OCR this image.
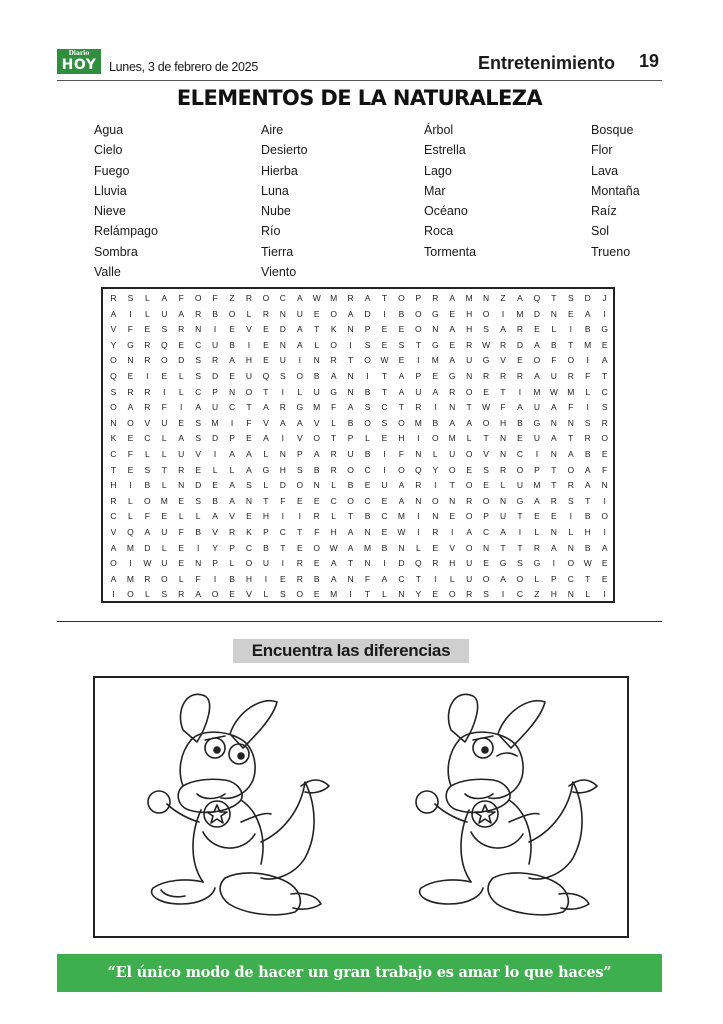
Diario
HOY	Lunes, 3 de febrero de 2025	Entretenimiento 19
ELEMENTOS DE LA NATURALEZA
Agua
Cielo
Fuego
Lluvia
Nieve
Relámpago
Sombra
Valle
Aire
Desierto
Hierba
Luna
Nube
Río
Tierra
Viento
Árbol
Estrella
Lago
Mar
Océano
Roca
Tormenta
Bosque
Flor
Lava
Montaña
Raíz
Sol
Trueno
R	S	L	A	F	O	F	Z	R	O	C	A	W	M	R	A	T	O	P	R	A	M	N	Z	A	Q	T	S	D	J
A	I	L	U	A	R	B	O	L	R	N	U	E	O	A	D	I	B	O	G	E	H	O	I	M	D	N	E	A	I
V	F	E	S	R	N	I	E	V	E	D	A	T	K	N	P	E	E	O	N	A	H	S	A	R	E	L	I	B	G
Y	G	R	Q	E	C	U	B	I	E	N	A	L	O	I	S	E	S	T	G	E	R	W	R	D	A	B	T	M	E
O	N	R	O	D	S	R	A	H	E	U	I	N	R	T	O	W	E	I	M	A	U	G	V	E	O	F	O	I	A
Q	E	I	E	L	S	D	E	U	Q	S	O	B	A	N	I	T	A	P	E	G	N	R	R	R	A	U	R	F	T
S	R	R	I	L	C	P	N	O	T	I	L	U	G	N	B	T	A	U	A	R	O	E	T	I	M	W	M	L	C
O	A	R	F	I	A	U	C	T	A	R	G	M	F	A	S	C	T	R	I	N	T	W	F	A	U	A	F	I	S
N	O	V	U	E	S	M	I	F	V	A	A	V	L	B	O	S	O	M	B	A	A	O	H	B	G	N	N	S	R
K	E	C	L	A	S	D	P	E	A	I	V	O	T	P	L	E	H	I	O	M	L	T	N	E	U	A	T	R	O
C	F	L	L	U	V	I	A	A	L	N	P	A	R	U	B	I	F	N	L	U	O	V	N	C	I	N	A	B	E
T	E	S	T	R	E	L	L	A	G	H	S	B	R	O	C	I	O	Q	Y	O	E	S	R	O	P	T	O	A	F
H	I	B	L	N	D	E	A	S	L	D	O	N	L	B	E	U	A	R	I	T	O	E	L	U	M	T	R	A	N
R	L	O	M	E	S	B	A	N	T	F	E	E	C	O	C	E	A	N	O	N	R	O	N	G	A	R	S	T	I
C	L	F	E	L	L	A	V	E	H	I	I	R	L	T	B	C	M	I	N	E	O	P	U	T	E	E	I	B	O
V	Q	A	U	F	B	V	R	K	P	C	T	F	H	A	N	E	W	I	R	I	A	C	A	I	L	N	L	H	I
A	M	D	L	E	I	Y	P	C	B	T	E	O	W	A	M	B	N	L	E	V	O	N	T	T	R	A	N	B	A
O	I	W	U	E	N	P	L	O	U	I	R	E	A	T	N	I	D	Q	R	H	U	E	G	S	G	I	O	W	E
A	M	R	O	L	F	I	B	H	I	E	R	B	A	N	F	A	C	T	I	L	U	O	A	O	L	P	C	T	E
I	O	L	S	R	A	O	E	V	L	S	O	E	M	I	T	L	N	Y	E	O	R	S	I	C	Z	H	N	L	I
Encuentra las diferencias
“El único modo de hacer un gran trabajo es amar lo que haces”
